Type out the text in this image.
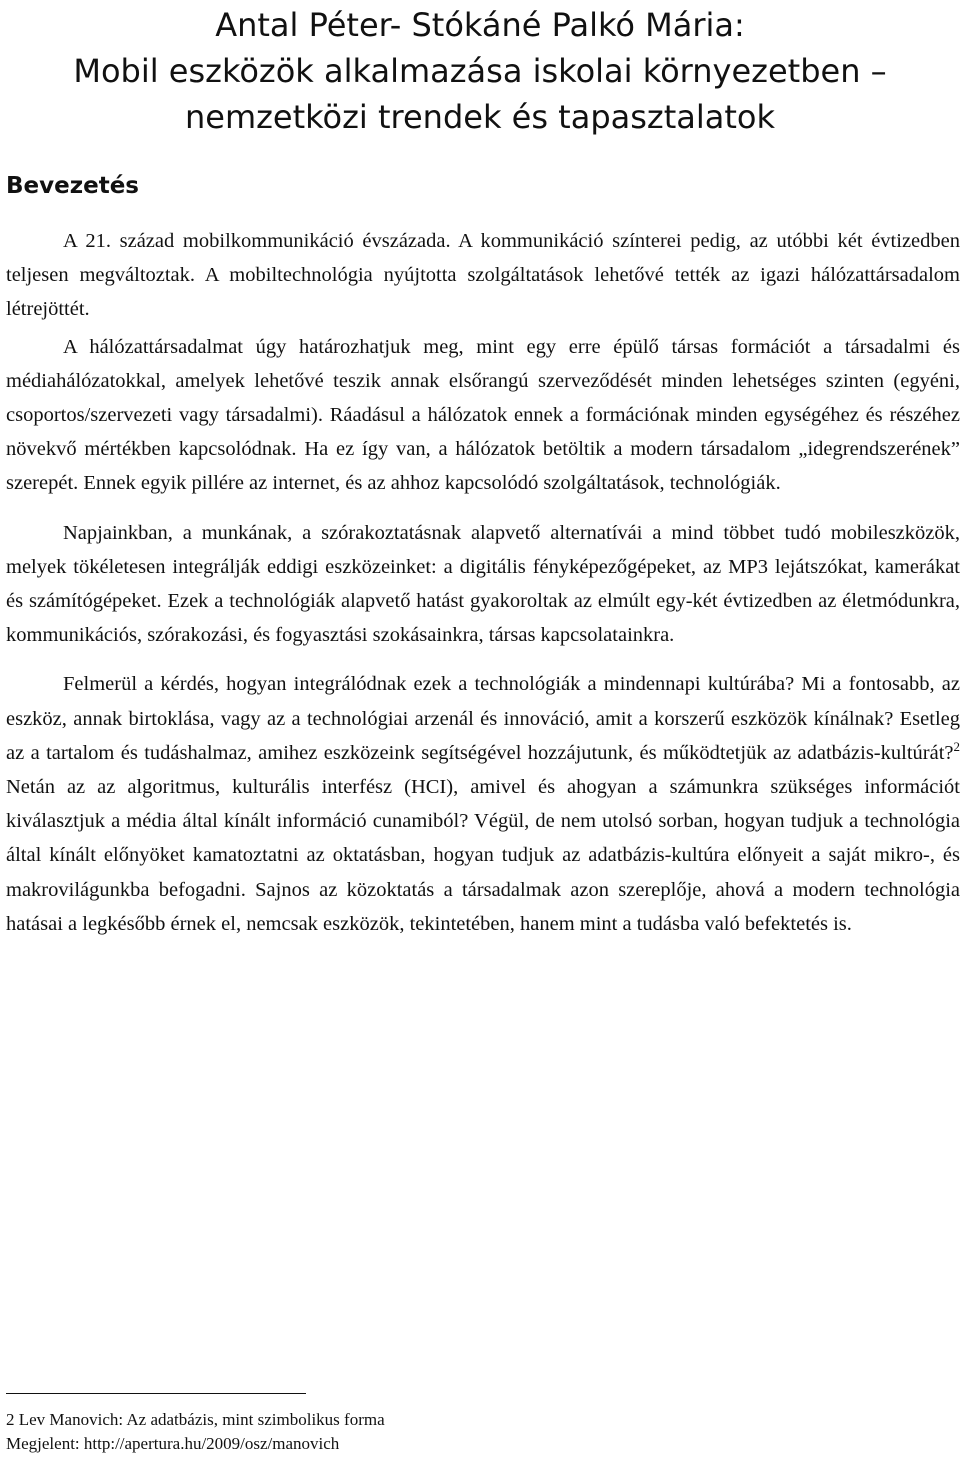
Antal Péter- Stókáné Palkó Mária:
Mobil eszközök alkalmazása iskolai környezetben –
nemzetközi trendek és tapasztalatok
Bevezetés

A 21. század mobilkommunikáció évszázada. A kommunikáció színterei pedig, az utóbbi két évtizedben teljesen megváltoztak. A mobiltechnológia nyújtotta szolgáltatások lehetővé tették az igazi hálózattársadalom létrejöttét.

A hálózattársadalmat úgy határozhatjuk meg, mint egy erre épülő társas formációt a társadalmi és médiahálózatokkal, amelyek lehetővé teszik annak elsőrangú szerveződését minden lehetséges szinten (egyéni, csoportos/szervezeti vagy társadalmi). Ráadásul a hálózatok ennek a formációnak minden egységéhez és részéhez növekvő mértékben kapcsolódnak. Ha ez így van, a hálózatok betöltik a modern társadalom „idegrendszerének” szerepét. Ennek egyik pillére az internet, és az ahhoz kapcsolódó szolgáltatások, technológiák.

Napjainkban, a munkának, a szórakoztatásnak alapvető alternatívái a mind többet tudó mobileszközök, melyek tökéletesen integrálják eddigi eszközeinket: a digitális fényképezőgépeket, az MP3 lejátszókat, kamerákat és számítógépeket. Ezek a technológiák alapvető hatást gyakoroltak az elmúlt egy-két évtizedben az életmódunkra, kommunikációs, szórakozási, és fogyasztási szokásainkra, társas kapcsolatainkra.

Felmerül a kérdés, hogyan integrálódnak ezek a technológiák a mindennapi kultúrába? Mi a fontosabb, az eszköz, annak birtoklása, vagy az a technológiai arzenál és innováció, amit a korszerű eszközök kínálnak? Esetleg az a tartalom és tudáshalmaz, amihez eszközeink segítségével hozzájutunk, és működtetjük az adatbázis-kultúrát?$^2$ Netán az az algoritmus, kulturális interfész (HCI), amivel és ahogyan a számunkra szükséges információt kiválasztjuk a média által kínált információ cunamiból? Végül, de nem utolsó sorban, hogyan tudjuk a technológia által kínált előnyöket kamatoztatni az oktatásban, hogyan tudjuk az adatbázis-kultúra előnyeit a saját mikro-, és makrovilágunkba befogadni. Sajnos az közoktatás a társadalmak azon szereplője, ahová a modern technológia hatásai a legkésőbb érnek el, nemcsak eszközök, tekintetében, hanem mint a tudásba való befektetés is.

2 Lev Manovich: Az adatbázis, mint szimbolikus forma
Megjelent: http://apertura.hu/2009/osz/manovich
